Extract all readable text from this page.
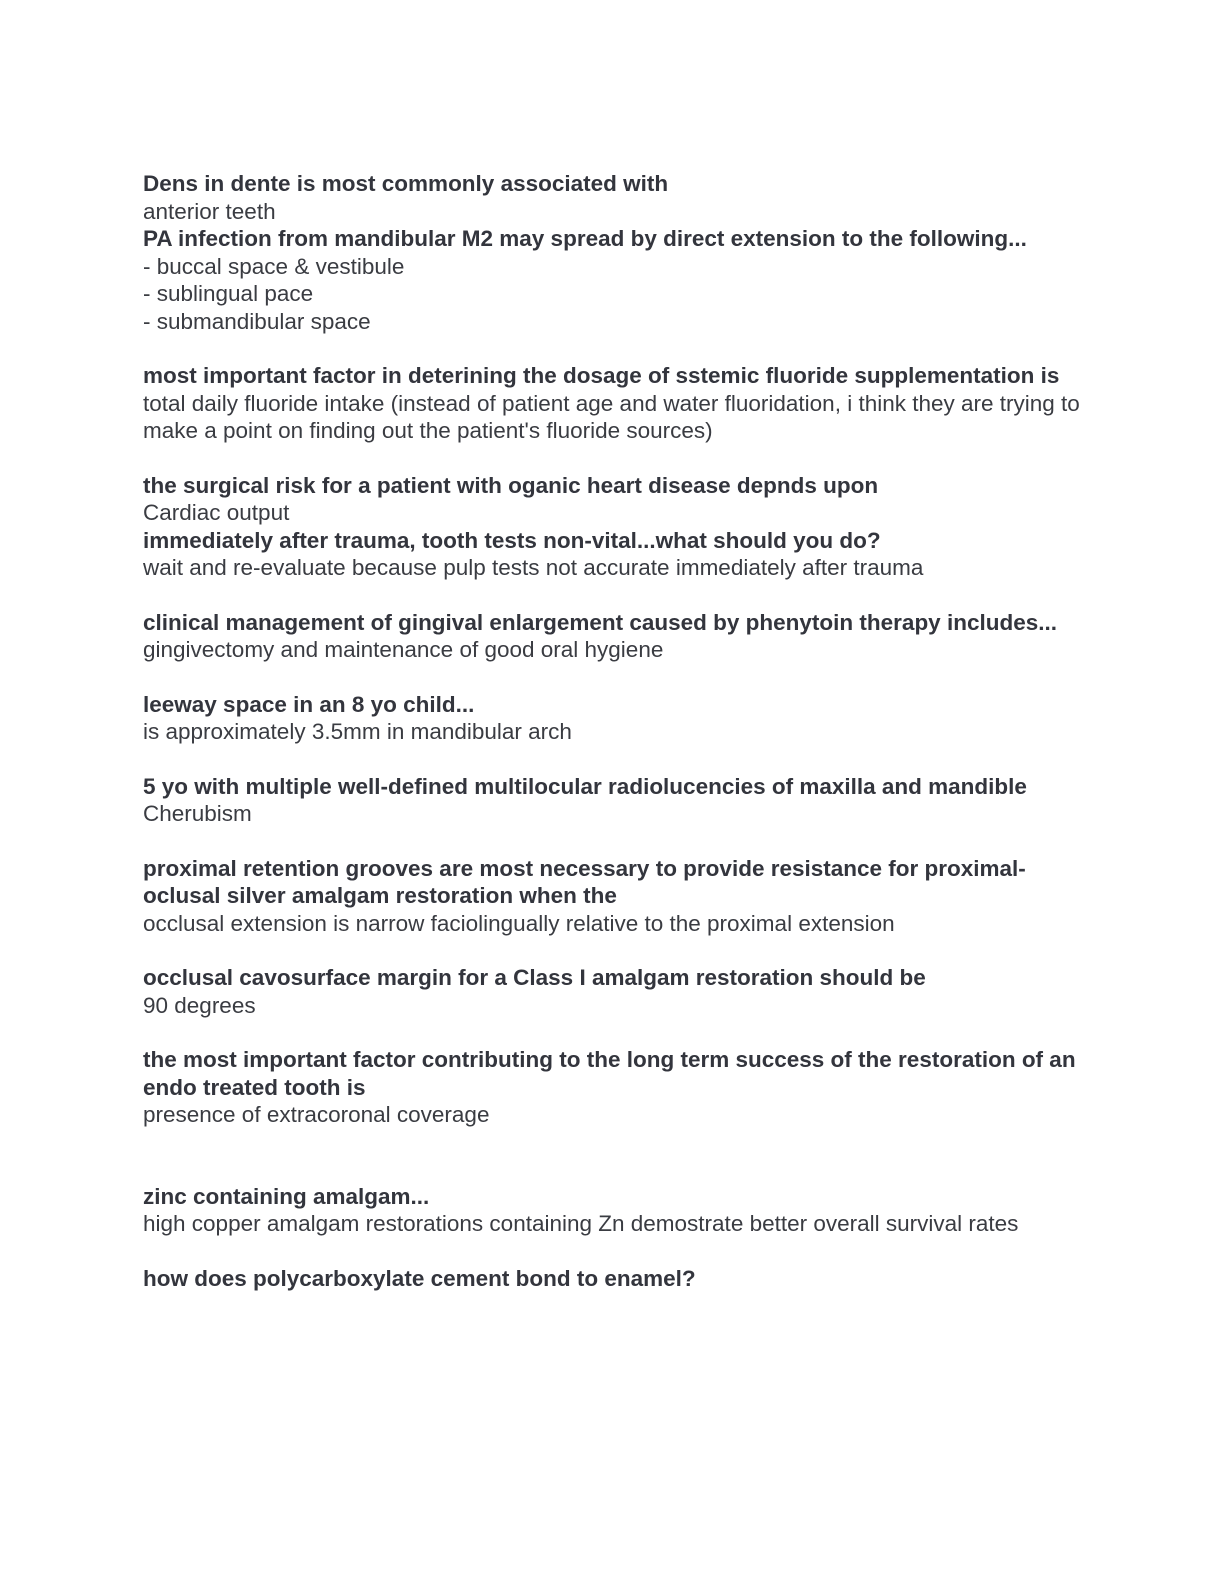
Dens in dente is most commonly associated with

anterior teeth

PA infection from mandibular M2 may spread by direct extension to the following...

- buccal space & vestibule

- sublingual pace

- submandibular space

most important factor in deterining the dosage of sstemic fluoride supplementation is

total daily fluoride intake (instead of patient age and water fluoridation, i think they are trying to make a point on finding out the patient's fluoride sources)

the surgical risk for a patient with oganic heart disease depnds upon

Cardiac output

immediately after trauma, tooth tests non-vital...what should you do?

wait and re-evaluate because pulp tests not accurate immediately after trauma

clinical management of gingival enlargement caused by phenytoin therapy includes...

gingivectomy and maintenance of good oral hygiene

leeway space in an 8 yo child...

is approximately 3.5mm in mandibular arch

5 yo with multiple well-defined multilocular radiolucencies of maxilla and mandible

Cherubism

proximal retention grooves are most necessary to provide resistance for proximal-oclusal silver amalgam restoration when the

occlusal extension is narrow faciolingually relative to the proximal extension

occlusal cavosurface margin for a Class I amalgam restoration should be

90 degrees

the most important factor contributing to the long term success of the restoration of an endo treated tooth is

presence of extracoronal coverage

zinc containing amalgam...

high copper amalgam restorations containing Zn demostrate better overall survival rates

how does polycarboxylate cement bond to enamel?
